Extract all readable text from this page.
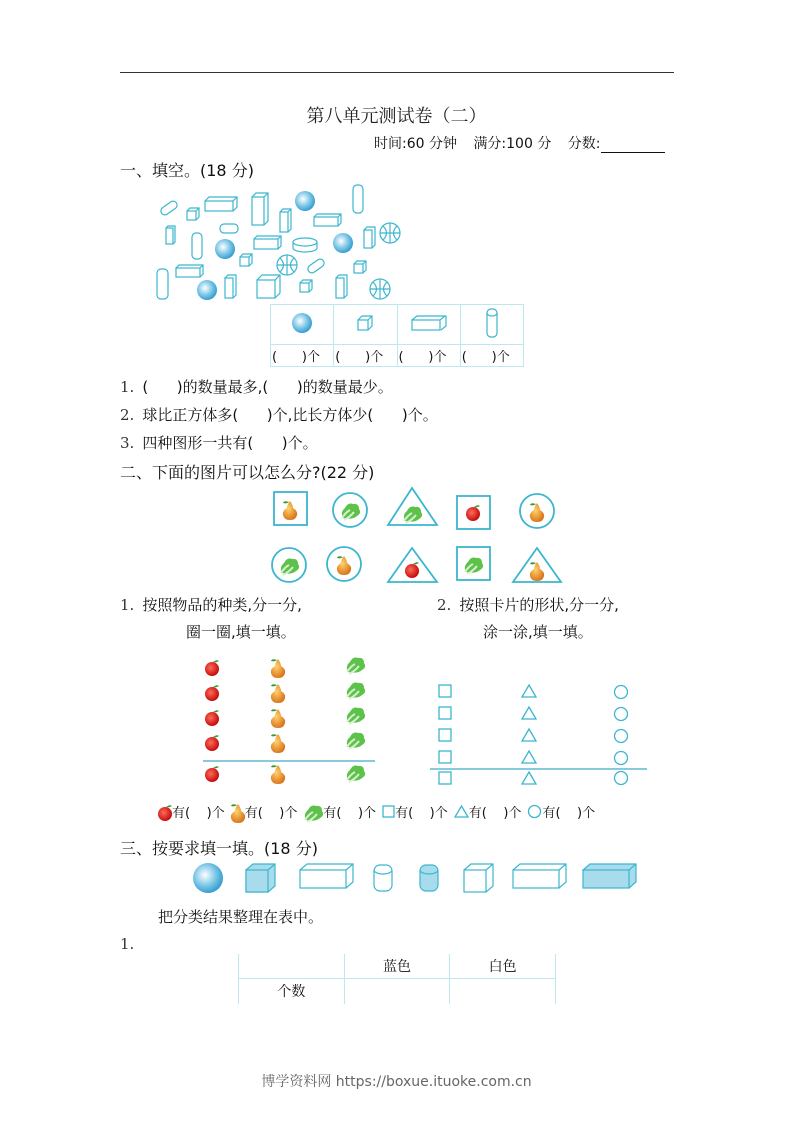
第八单元测试卷（二）
时间:60 分钟 满分:100 分 分数:
一、填空。(18 分)

(      )个	(      )个	(      )个	(      )个
1. (      )的数量最多,(      )的数量最少。
2. 球比正方体多(      )个,比长方体少(      )个。
3. 四种图形一共有(      )个。
二、下面的图片可以怎么分?(22 分)
1. 按照物品的种类,分一分,
圈一圈,填一填。
2. 按照卡片的形状,分一分,
涂一涂,填一填。
有(    )个 有(    )个 有(    )个 有(    )个 有(    )个 有(    )个
三、按要求填一填。(18 分)
把分类结果整理在表中。
1.
	蓝色	白色
个数		
博学资料网 https://boxue.ituoke.com.cn
